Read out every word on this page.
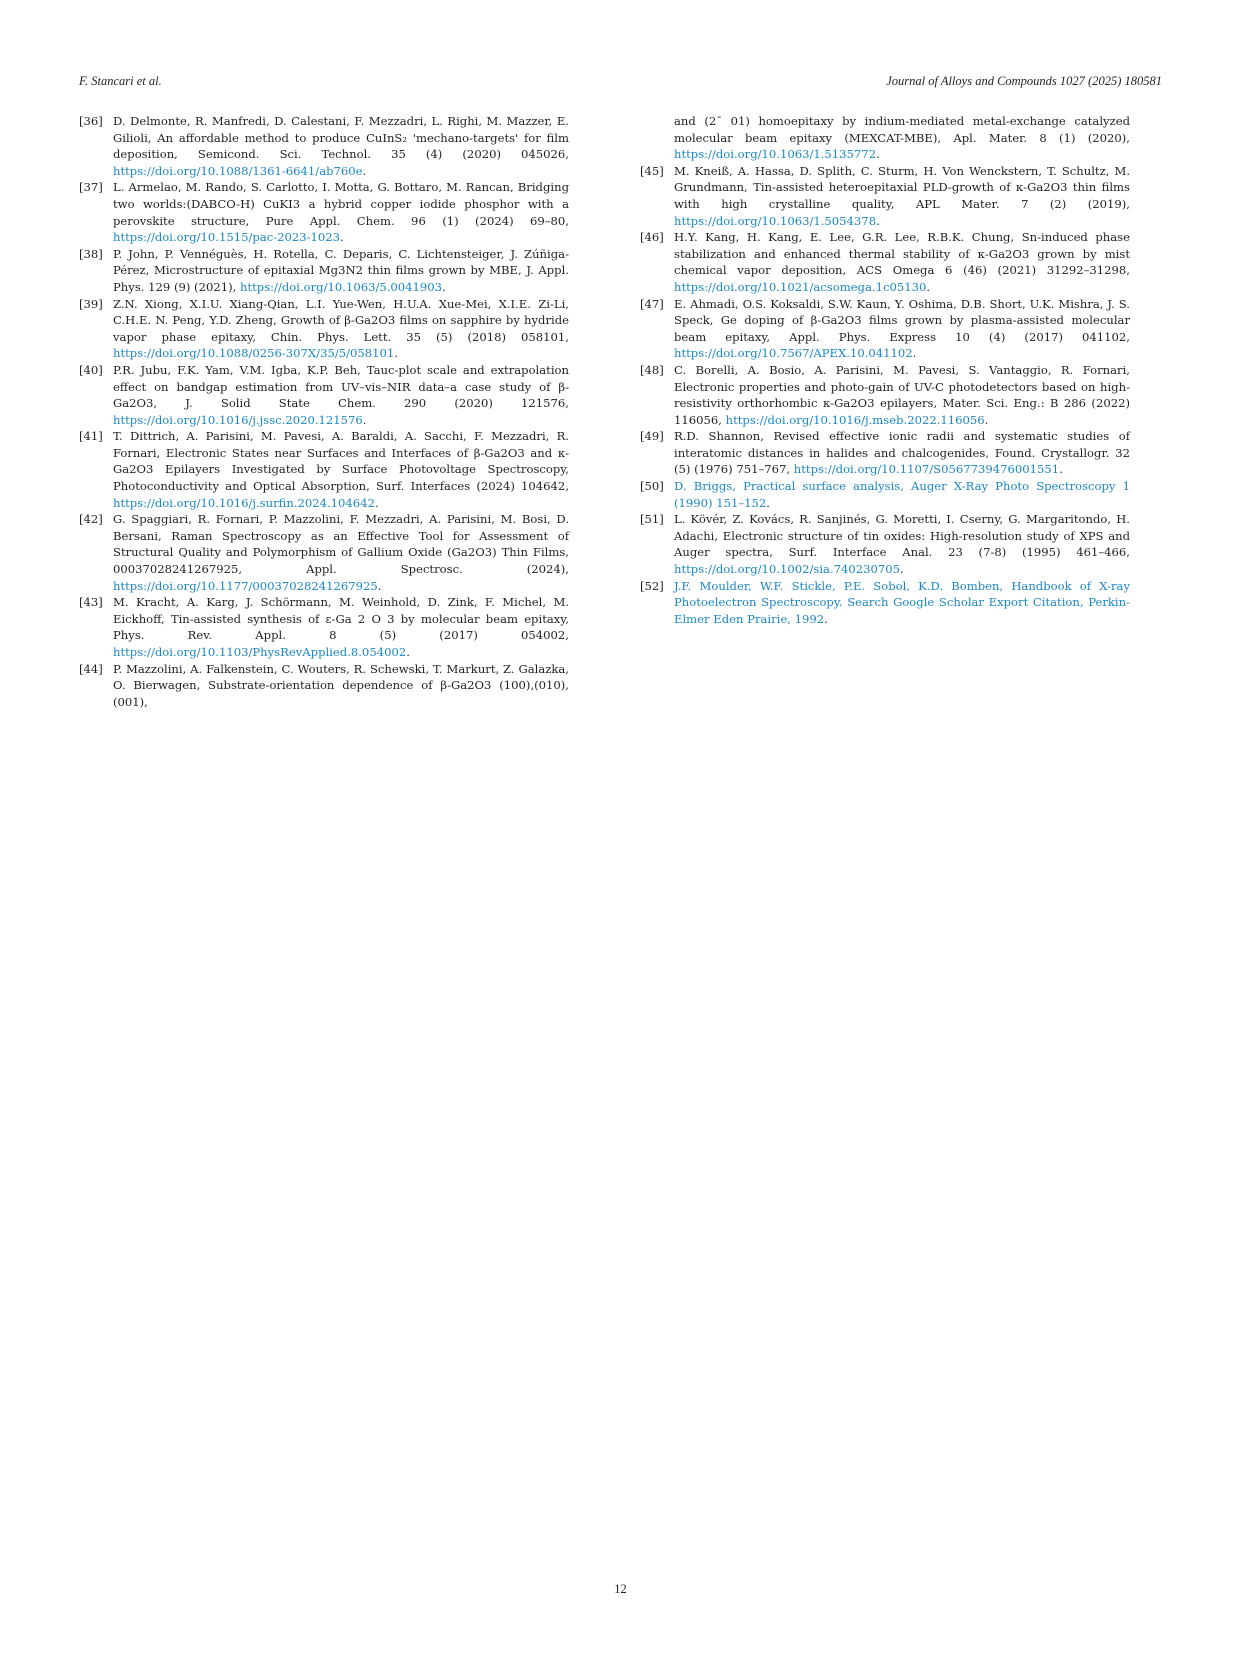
F. Stancari et al.	Journal of Alloys and Compounds 1027 (2025) 180581
[36] D. Delmonte, R. Manfredi, D. Calestani, F. Mezzadri, L. Righi, M. Mazzer, E. Gilioli, An affordable method to produce CuInS₂ 'mechano-targets' for film deposition, Semicond. Sci. Technol. 35 (4) (2020) 045026, https://doi.org/10.1088/1361-6641/ab760e.
[37] L. Armelao, M. Rando, S. Carlotto, I. Motta, G. Bottaro, M. Rancan, Bridging two worlds:(DABCO-H) CuKI3 a hybrid copper iodide phosphor with a perovskite structure, Pure Appl. Chem. 96 (1) (2024) 69–80, https://doi.org/10.1515/pac-2023-1023.
[38] P. John, P. Vennéguès, H. Rotella, C. Deparis, C. Lichtensteiger, J. Zúñiga-Pérez, Microstructure of epitaxial Mg3N2 thin films grown by MBE, J. Appl. Phys. 129 (9) (2021), https://doi.org/10.1063/5.0041903.
[39] Z.N. Xiong, X.I.U. Xiang-Qian, L.I. Yue-Wen, H.U.A. Xue-Mei, X.I.E. Zi-Li, C.H.E. N. Peng, Y.D. Zheng, Growth of β-Ga2O3 films on sapphire by hydride vapor phase epitaxy, Chin. Phys. Lett. 35 (5) (2018) 058101, https://doi.org/10.1088/0256-307X/35/5/058101.
[40] P.R. Jubu, F.K. Yam, V.M. Igba, K.P. Beh, Tauc-plot scale and extrapolation effect on bandgap estimation from UV–vis–NIR data–a case study of β-Ga2O3, J. Solid State Chem. 290 (2020) 121576, https://doi.org/10.1016/j.jssc.2020.121576.
[41] T. Dittrich, A. Parisini, M. Pavesi, A. Baraldi, A. Sacchi, F. Mezzadri, R. Fornari, Electronic States near Surfaces and Interfaces of β-Ga2O3 and κ-Ga2O3 Epilayers Investigated by Surface Photovoltage Spectroscopy, Photoconductivity and Optical Absorption, Surf. Interfaces (2024) 104642, https://doi.org/10.1016/j.surfin.2024.104642.
[42] G. Spaggiari, R. Fornari, P. Mazzolini, F. Mezzadri, A. Parisini, M. Bosi, D. Bersani, Raman Spectroscopy as an Effective Tool for Assessment of Structural Quality and Polymorphism of Gallium Oxide (Ga2O3) Thin Films, 00037028241267925, Appl. Spectrosc. (2024), https://doi.org/10.1177/00037028241267925.
[43] M. Kracht, A. Karg, J. Schörmann, M. Weinhold, D. Zink, F. Michel, M. Eickhoff, Tin-assisted synthesis of ε-Ga 2 O 3 by molecular beam epitaxy, Phys. Rev. Appl. 8 (5) (2017) 054002, https://doi.org/10.1103/PhysRevApplied.8.054002.
[44] P. Mazzolini, A. Falkenstein, C. Wouters, R. Schewski, T. Markurt, Z. Galazka, O. Bierwagen, Substrate-orientation dependence of β-Ga2O3 (100),(010),(001),
and (2¯ 01) homoepitaxy by indium-mediated metal-exchange catalyzed molecular beam epitaxy (MEXCAT-MBE), Apl. Mater. 8 (1) (2020), https://doi.org/10.1063/1.5135772.
[45] M. Kneiß, A. Hassa, D. Splith, C. Sturm, H. Von Wenckstern, T. Schultz, M. Grundmann, Tin-assisted heteroepitaxial PLD-growth of κ-Ga2O3 thin films with high crystalline quality, APL Mater. 7 (2) (2019), https://doi.org/10.1063/1.5054378.
[46] H.Y. Kang, H. Kang, E. Lee, G.R. Lee, R.B.K. Chung, Sn-induced phase stabilization and enhanced thermal stability of κ-Ga2O3 grown by mist chemical vapor deposition, ACS Omega 6 (46) (2021) 31292–31298, https://doi.org/10.1021/acsomega.1c05130.
[47] E. Ahmadi, O.S. Koksaldi, S.W. Kaun, Y. Oshima, D.B. Short, U.K. Mishra, J. S. Speck, Ge doping of β-Ga2O3 films grown by plasma-assisted molecular beam epitaxy, Appl. Phys. Express 10 (4) (2017) 041102, https://doi.org/10.7567/APEX.10.041102.
[48] C. Borelli, A. Bosio, A. Parisini, M. Pavesi, S. Vantaggio, R. Fornari, Electronic properties and photo-gain of UV-C photodetectors based on high-resistivity orthorhombic κ-Ga2O3 epilayers, Mater. Sci. Eng.: B 286 (2022) 116056, https://doi.org/10.1016/j.mseb.2022.116056.
[49] R.D. Shannon, Revised effective ionic radii and systematic studies of interatomic distances in halides and chalcogenides, Found. Crystallogr. 32 (5) (1976) 751–767, https://doi.org/10.1107/S0567739476001551.
[50] D. Briggs, Practical surface analysis, Auger X-Ray Photo Spectroscopy 1 (1990) 151–152.
[51] L. Kövér, Z. Kovács, R. Sanjinés, G. Moretti, I. Cserny, G. Margaritondo, H. Adachi, Electronic structure of tin oxides: High-resolution study of XPS and Auger spectra, Surf. Interface Anal. 23 (7-8) (1995) 461–466, https://doi.org/10.1002/sia.740230705.
[52] J.F. Moulder, W.F. Stickle, P.E. Sobol, K.D. Bomben, Handbook of X-ray Photoelectron Spectroscopy. Search Google Scholar Export Citation, Perkin-Elmer Eden Prairie, 1992.
12
